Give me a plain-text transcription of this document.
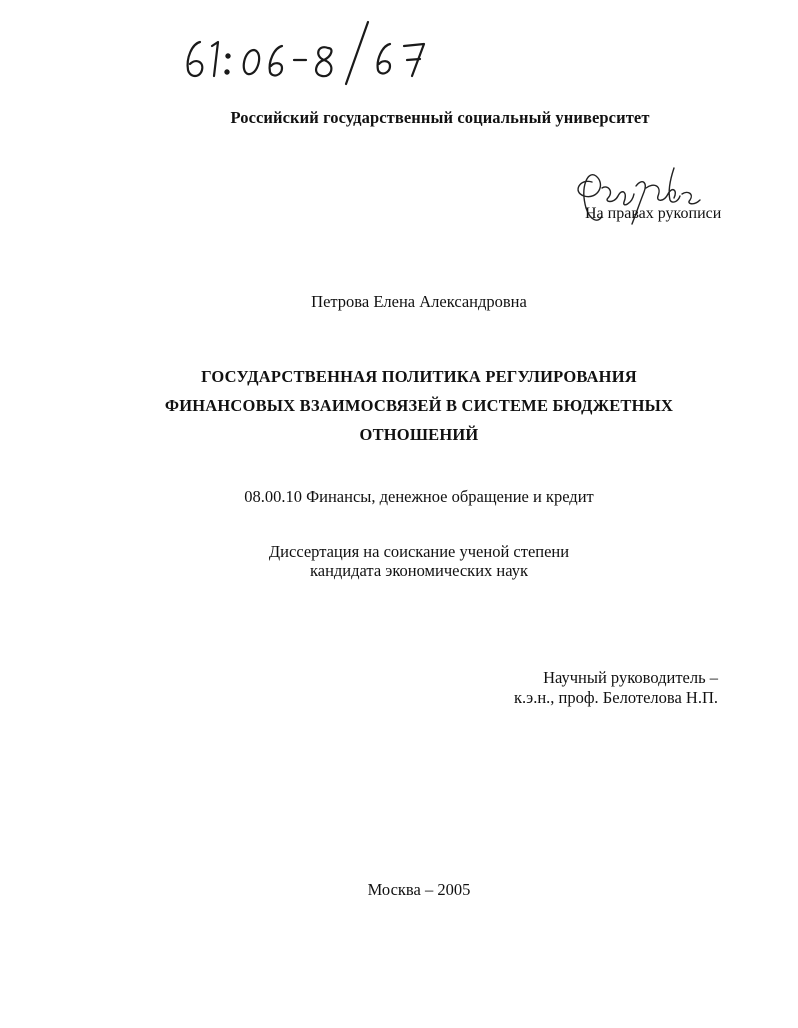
Российский государственный социальный университет
На правах рукописи
Петрова Елена Александровна
ГОСУДАРСТВЕННАЯ ПОЛИТИКА РЕГУЛИРОВАНИЯ
ФИНАНСОВЫХ ВЗАИМОСВЯЗЕЙ В СИСТЕМЕ БЮДЖЕТНЫХ
ОТНОШЕНИЙ
08.00.10 Финансы, денежное обращение и кредит
Диссертация на соискание ученой степени
кандидата экономических наук
Научный руководитель –
к.э.н., проф. Белотелова Н.П.
Москва – 2005
